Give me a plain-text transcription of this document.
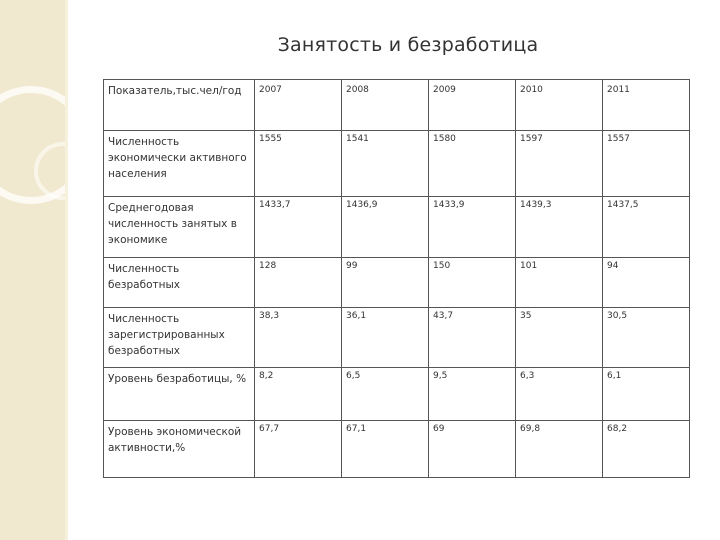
Занятость и безработица
Показатель,тыс.чел/год	2007	2008	2009	2010	2011
Численность экономически активного населения	1555	1541	1580	1597	1557
Среднегодовая численность занятых в экономике	1433,7	1436,9	1433,9	1439,3	1437,5
Численность безработных	128	99	150	101	94
Численность зарегистрированных безработных	38,3	36,1	43,7	35	30,5
Уровень безработицы, %	8,2	6,5	9,5	6,3	6,1
Уровень экономической активности,%	67,7	67,1	69	69,8	68,2
